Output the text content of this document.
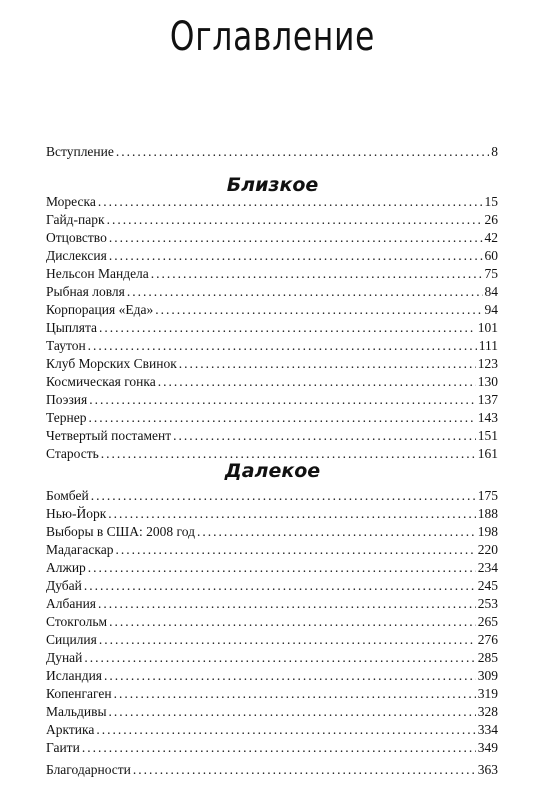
Оглавление
Вступление .....	8
Близкое
Мореска .....	15
Гайд-парк .....	26
Отцовство .....	42
Дислексия .....	60
Нельсон Мандела .....	75
Рыбная ловля .....	84
Корпорация «Еда» .....	94
Цыплята .....	101
Таутон .....	111
Клуб Морских Свинок .....	123
Космическая гонка .....	130
Поэзия .....	137
Тернер .....	143
Четвертый постамент .....	151
Старость .....	161
Далекое
Бомбей .....	175
Нью-Йорк .....	188
Выборы в США: 2008 год .....	198
Мадагаскар .....	220
Алжир .....	234
Дубай .....	245
Албания .....	253
Стокгольм .....	265
Сицилия .....	276
Дунай .....	285
Исландия .....	309
Копенгаген .....	319
Мальдивы .....	328
Арктика .....	334
Гаити .....	349
Благодарности .....	363
